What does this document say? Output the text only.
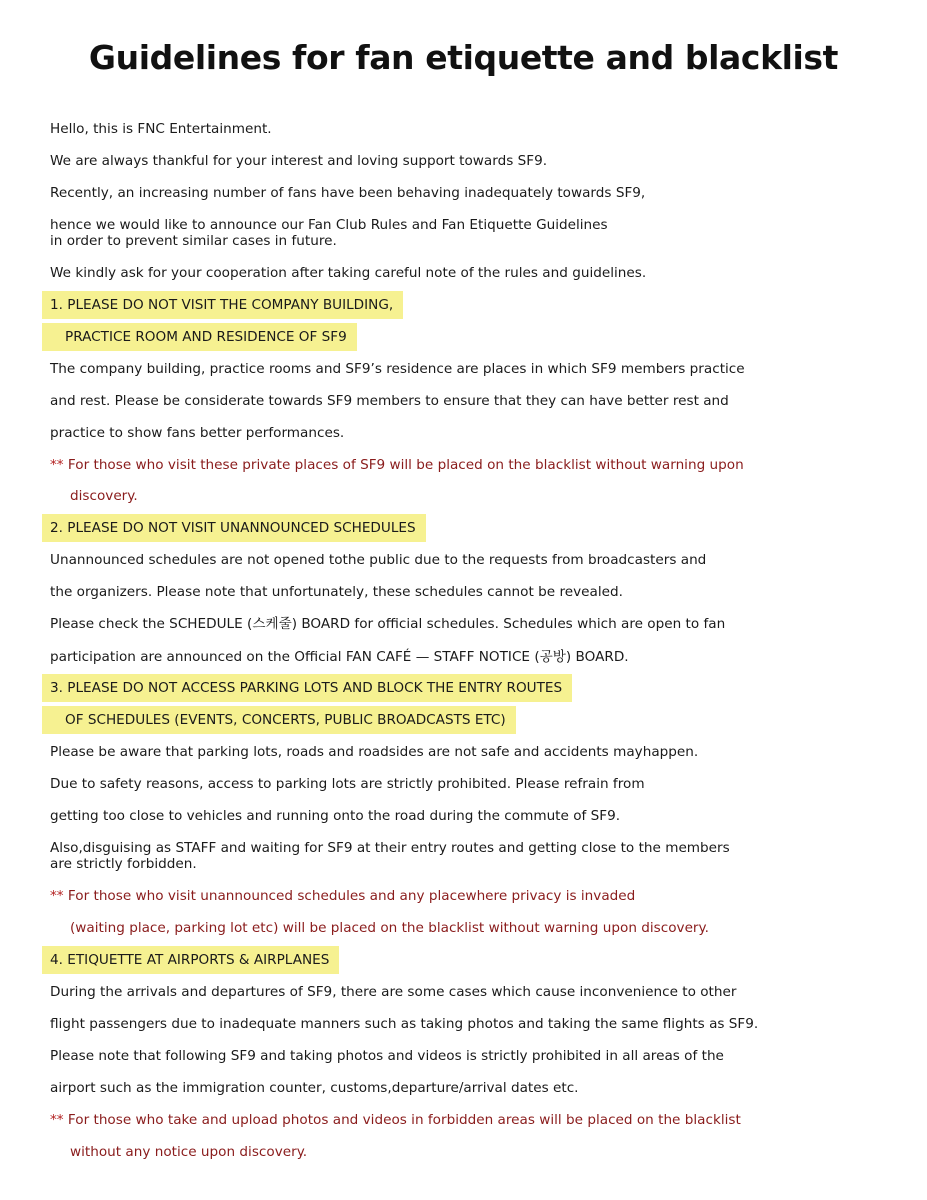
Guidelines for fan etiquette and blacklist
Hello, this is FNC Entertainment.
We are always thankful for your interest and loving support towards SF9.
Recently, an increasing number of fans have been behaving inadequately towards SF9,
hence we would like to announce our Fan Club Rules and Fan Etiquette Guidelines
in order to prevent similar cases in future.
We kindly ask for your cooperation after taking careful note of the rules and guidelines.
1. PLEASE DO NOT VISIT THE COMPANY BUILDING,
PRACTICE ROOM AND RESIDENCE OF SF9
The company building, practice rooms and SF9’s residence are places in which SF9 members practice
and rest. Please be considerate towards SF9 members to ensure that they can have better rest and
practice to show fans better performances.
** For those who visit these private places of SF9 will be placed on the blacklist without warning upon
discovery.
2. PLEASE DO NOT VISIT UNANNOUNCED SCHEDULES
Unannounced schedules are not opened tothe public due to the requests from broadcasters and
the organizers. Please note that unfortunately, these schedules cannot be revealed.
Please check the SCHEDULE (스케줄) BOARD for official schedules. Schedules which are open to fan
participation are announced on the Official FAN CAFÉ — STAFF NOTICE (공방) BOARD.
3. PLEASE DO NOT ACCESS PARKING LOTS AND BLOCK THE ENTRY ROUTES
OF SCHEDULES (EVENTS, CONCERTS, PUBLIC BROADCASTS ETC)
Please be aware that parking lots, roads and roadsides are not safe and accidents mayhappen.
Due to safety reasons, access to parking lots are strictly prohibited. Please refrain from
getting too close to vehicles and running onto the road during the commute of SF9.
Also,disguising as STAFF and waiting for SF9 at their entry routes and getting close to the members
are strictly forbidden.
** For those who visit unannounced schedules and any placewhere privacy is invaded
(waiting place, parking lot etc) will be placed on the blacklist without warning upon discovery.
4. ETIQUETTE AT AIRPORTS & AIRPLANES
During the arrivals and departures of SF9, there are some cases which cause inconvenience to other
flight passengers due to inadequate manners such as taking photos and taking the same flights as SF9.
Please note that following SF9 and taking photos and videos is strictly prohibited in all areas of the
airport such as the immigration counter, customs,departure/arrival dates etc.
** For those who take and upload photos and videos in forbidden areas will be placed on the blacklist
without any notice upon discovery.
